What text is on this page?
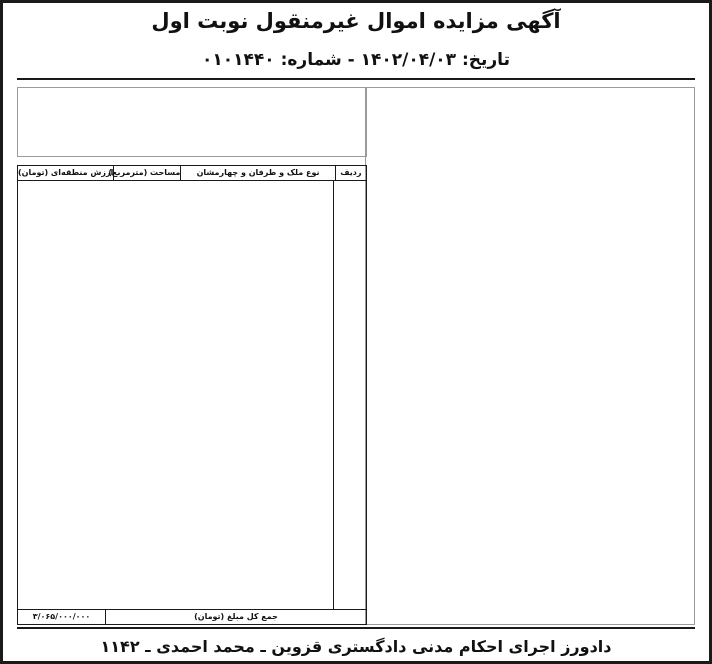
آگهی مزایده اموال غیرمنقول نوبت اول
تاریخ: ۱۴۰۲/۰۴/۰۳ - شماره: ۰۱۰۱۴۴۰
ردیف
نوع ملک و طرفان و چهارمشان
مساحت (مترمربع)
ارزش منطقه‌ای (تومان)
جمع کل مبلغ (تومان)
۳/۰۶۵/۰۰۰/۰۰۰
دادورز اجرای احکام مدنی دادگستری قزوین ـ محمد احمدی ـ ۱۱۴۲
